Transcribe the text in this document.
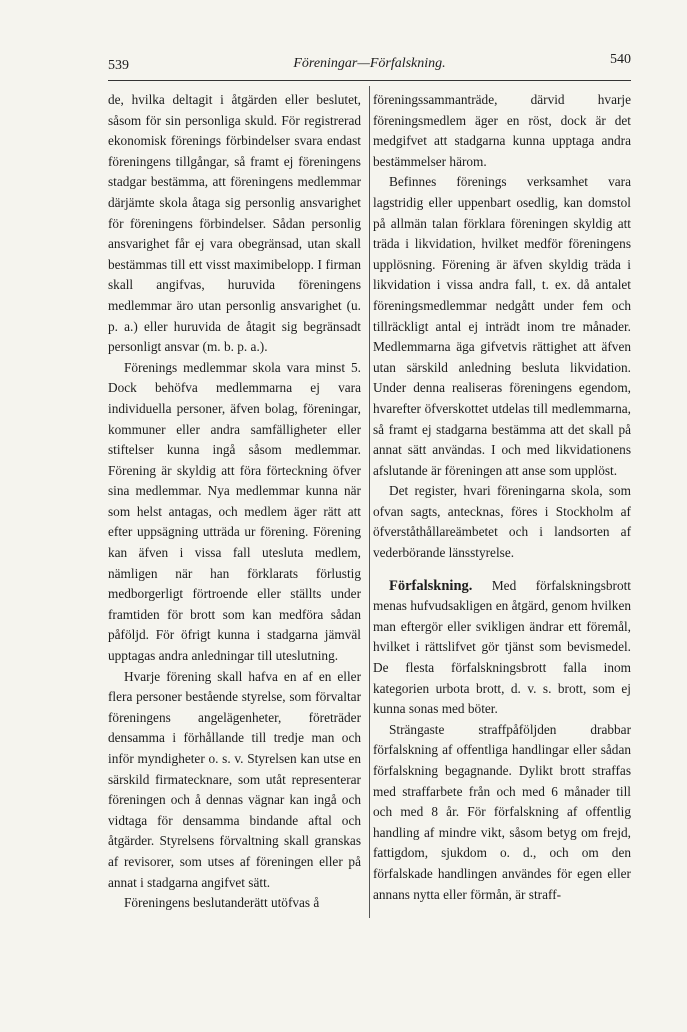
539	Föreningar—Förfalskning.	540

de, hvilka deltagit i åtgärden eller beslutet, såsom för sin personliga skuld. För registrerad ekonomisk förenings förbindelser svara endast föreningens tillgångar, så framt ej föreningens stadgar bestämma, att föreningens medlemmar därjämte skola åtaga sig personlig ansvarighet för föreningens förbindelser. Sådan personlig ansvarighet får ej vara obegränsad, utan skall bestämmas till ett visst maximibelopp. I firman skall angifvas, huruvida föreningens medlemmar äro utan personlig ansvarighet (u. p. a.) eller huruvida de åtagit sig begränsadt personligt ansvar (m. b. p. a.).

Förenings medlemmar skola vara minst 5. Dock behöfva medlemmarna ej vara individuella personer, äfven bolag, föreningar, kommuner eller andra samfälligheter eller stiftelser kunna ingå såsom medlemmar. Förening är skyldig att föra förteckning öfver sina medlemmar. Nya medlemmar kunna när som helst antagas, och medlem äger rätt att efter uppsägning utträda ur förening. Förening kan äfven i vissa fall utesluta medlem, nämligen när han förklarats förlustig medborgerligt förtroende eller ställts under framtiden för brott som kan medföra sådan påföljd. För öfrigt kunna i stadgarna jämväl upptagas andra anledningar till uteslutning.

Hvarje förening skall hafva en af en eller flera personer bestående styrelse, som förvaltar föreningens angelägenheter, företräder densamma i förhållande till tredje man och inför myndigheter o. s. v. Styrelsen kan utse en särskild firmatecknare, som utåt representerar föreningen och å dennas vägnar kan ingå och vidtaga för densamma bindande aftal och åtgärder. Styrelsens förvaltning skall granskas af revisorer, som utses af föreningen eller på annat i stadgarna angifvet sätt.

Föreningens beslutanderätt utöfvas å

föreningssammanträde, därvid hvarje föreningsmedlem äger en röst, dock är det medgifvet att stadgarna kunna upptaga andra bestämmelser härom.

Befinnes förenings verksamhet vara lagstridig eller uppenbart osedlig, kan domstol på allmän talan förklara föreningen skyldig att träda i likvidation, hvilket medför föreningens upplösning. Förening är äfven skyldig träda i likvidation i vissa andra fall, t. ex. då antalet föreningsmedlemmar nedgått under fem och tillräckligt antal ej inträdt inom tre månader. Medlemmarna äga gifvetvis rättighet att äfven utan särskild anledning besluta likvidation. Under denna realiseras föreningens egendom, hvarefter öfverskottet utdelas till medlemmarna, så framt ej stadgarna bestämma att det skall på annat sätt användas. I och med likvidationens afslutande är föreningen att anse som upplöst.

Det register, hvari föreningarna skola, som ofvan sagts, antecknas, föres i Stockholm af öfverståthållareämbetet och i landsorten af vederbörande länsstyrelse.

Förfalskning. Med förfalskningsbrott menas hufvudsakligen en åtgärd, genom hvilken man eftergör eller svikligen ändrar ett föremål, hvilket i rättslifvet gör tjänst som bevismedel. De flesta förfalskningsbrott falla inom kategorien urbota brott, d. v. s. brott, som ej kunna sonas med böter.

Strängaste straffpåföljden drabbar förfalskning af offentliga handlingar eller sådan förfalskning begagnande. Dylikt brott straffas med straffarbete från och med 6 månader till och med 8 år. För förfalskning af offentlig handling af mindre vikt, såsom betyg om frejd, fattigdom, sjukdom o. d., och om den förfalskade handlingen användes för egen eller annans nytta eller förmån, är straff-
